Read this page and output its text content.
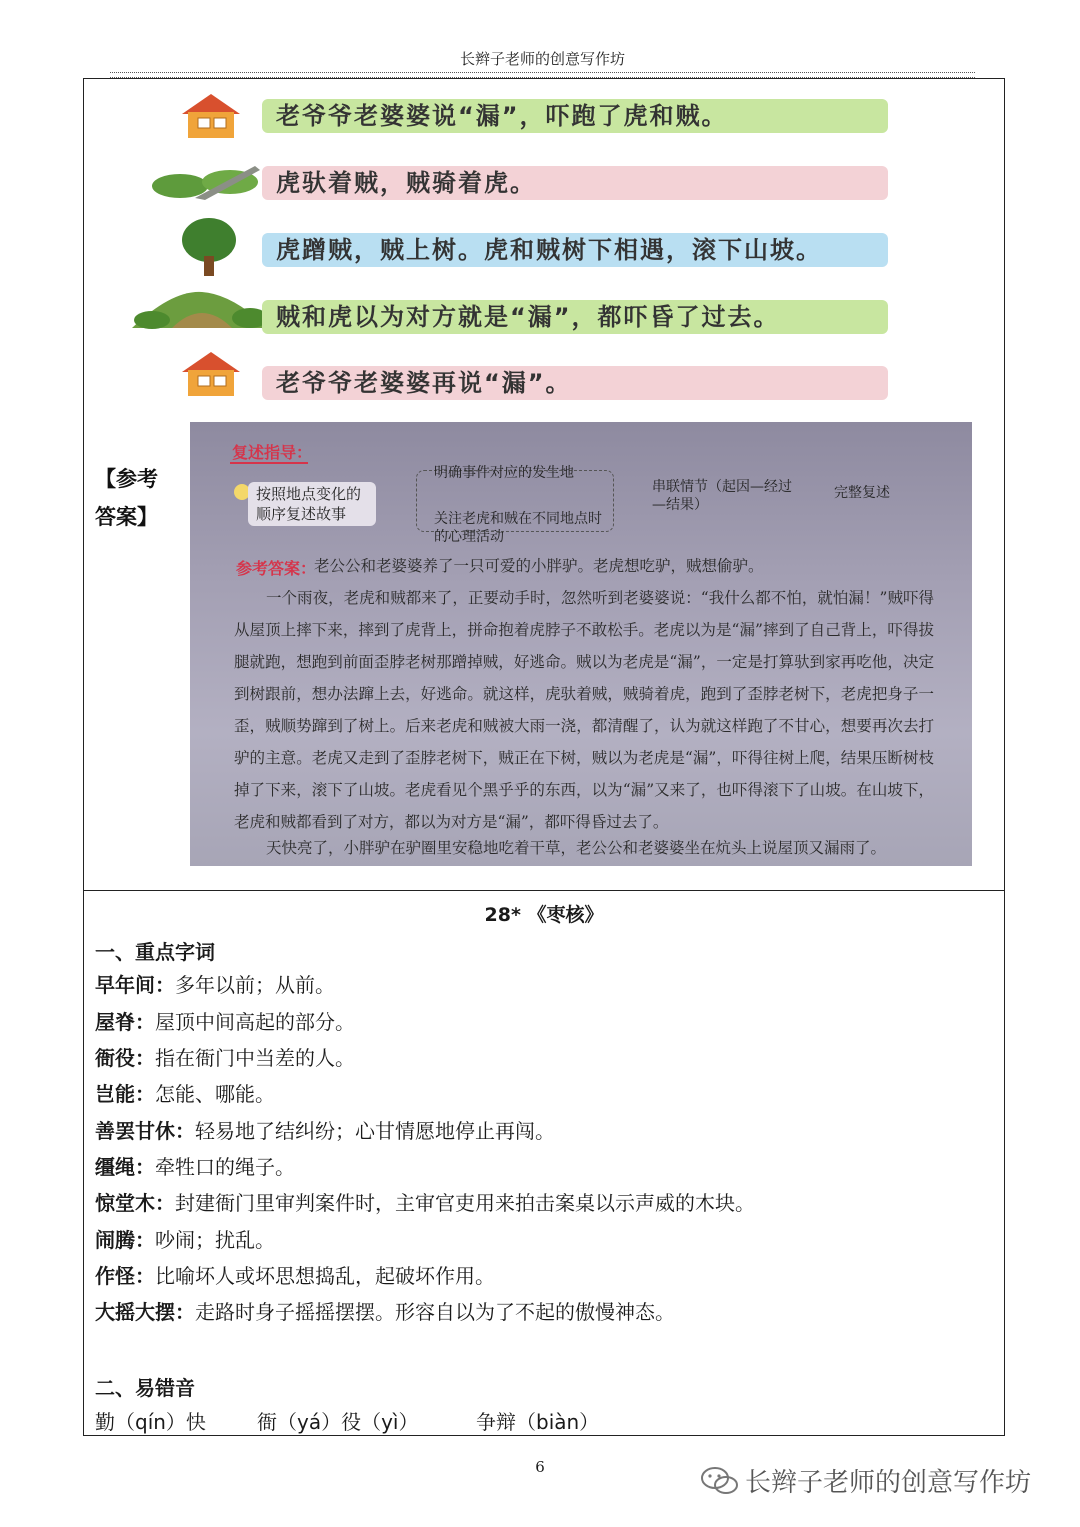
长辫子老师的创意写作坊
老爷爷老婆婆说“漏”，吓跑了虎和贼。
虎驮着贼，贼骑着虎。
虎蹭贼，贼上树。虎和贼树下相遇，滚下山坡。
贼和虎以为对方就是“漏”，都吓昏了过去。
老爷爷老婆婆再说“漏”。
【参考答案】
复述指导：
按照地点变化的顺序复述故事
明确事件对应的发生地
关注老虎和贼在不同地点时的心理活动
串联情节（起因—经过—结果）
完整复述
参考答案：
老公公和老婆婆养了一只可爱的小胖驴。老虎想吃驴，贼想偷驴。
一个雨夜，老虎和贼都来了，正要动手时，忽然听到老婆婆说：“我什么都不怕，就怕漏！”贼吓得从屋顶上摔下来，摔到了虎背上，拼命抱着虎脖子不敢松手。老虎以为是“漏”摔到了自己背上，吓得拔腿就跑，想跑到前面歪脖老树那蹭掉贼，好逃命。贼以为老虎是“漏”，一定是打算驮到家再吃他，决定到树跟前，想办法蹿上去，好逃命。就这样，虎驮着贼，贼骑着虎，跑到了歪脖老树下，老虎把身子一歪，贼顺势蹿到了树上。后来老虎和贼被大雨一浇，都清醒了，认为就这样跑了不甘心，想要再次去打驴的主意。老虎又走到了歪脖老树下，贼正在下树，贼以为老虎是“漏”，吓得往树上爬，结果压断树枝掉了下来，滚下了山坡。老虎看见个黑乎乎的东西，以为“漏”又来了，也吓得滚下了山坡。在山坡下，老虎和贼都看到了对方，都以为对方是“漏”，都吓得昏过去了。
天快亮了，小胖驴在驴圈里安稳地吃着干草，老公公和老婆婆坐在炕头上说屋顶又漏雨了。
28* 《枣核》
一、重点字词
早年间：多年以前；从前。
屋脊：屋顶中间高起的部分。
衙役：指在衙门中当差的人。
岂能：怎能、哪能。
善罢甘休：轻易地了结纠纷；心甘情愿地停止再闯。
缰绳：牵牲口的绳子。
惊堂木：封建衙门里审判案件时，主审官吏用来拍击案桌以示声威的木块。
闹腾：吵闹；扰乱。
作怪：比喻坏人或坏思想捣乱，起破坏作用。
大摇大摆：走路时身子摇摇摆摆。形容自以为了不起的傲慢神态。
二、易错音
勤（qín）快	衙（yá）役（yì）	争辩（biàn）
6
长辫子老师的创意写作坊
